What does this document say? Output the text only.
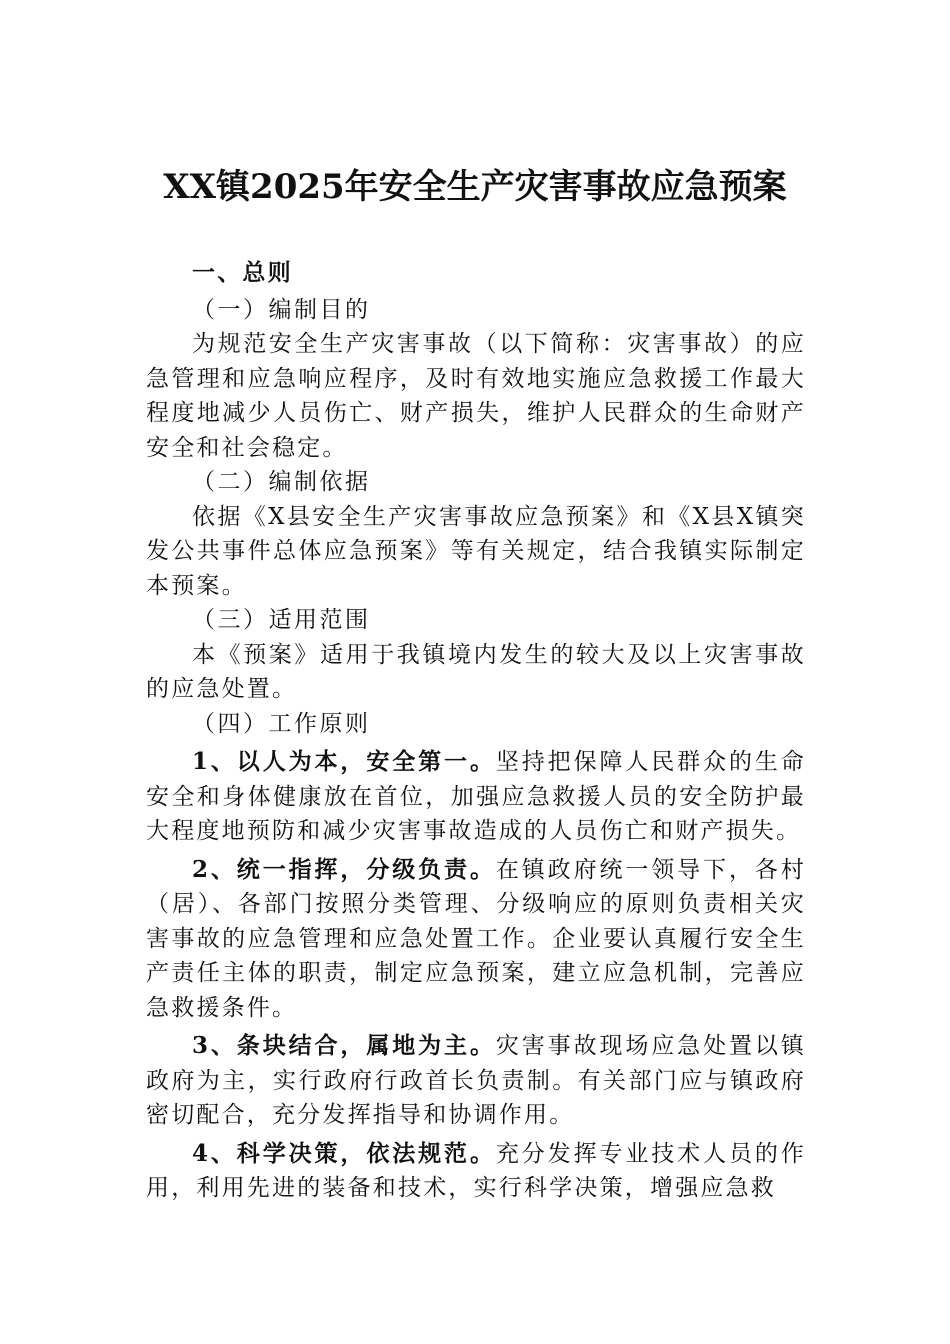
XX镇2025年安全生产灾害事故应急预案

一、总则

（一）编制目的

为规范安全生产灾害事故（以下简称：灾害事故）的应急管理和应急响应程序，及时有效地实施应急救援工作最大程度地减少人员伤亡、财产损失，维护人民群众的生命财产安全和社会稳定。

（二）编制依据

依据《X县安全生产灾害事故应急预案》和《X县X镇突发公共事件总体应急预案》等有关规定，结合我镇实际制定本预案。

（三）适用范围

本《预案》适用于我镇境内发生的较大及以上灾害事故的应急处置。

（四）工作原则

1、以人为本，安全第一。坚持把保障人民群众的生命安全和身体健康放在首位，加强应急救援人员的安全防护最大程度地预防和减少灾害事故造成的人员伤亡和财产损失。

2、统一指挥，分级负责。在镇政府统一领导下，各村（居）、各部门按照分类管理、分级响应的原则负责相关灾害事故的应急管理和应急处置工作。企业要认真履行安全生产责任主体的职责，制定应急预案，建立应急机制，完善应急救援条件。

3、条块结合，属地为主。灾害事故现场应急处置以镇政府为主，实行政府行政首长负责制。有关部门应与镇政府密切配合，充分发挥指导和协调作用。

4、科学决策，依法规范。充分发挥专业技术人员的作用，利用先进的装备和技术，实行科学决策，增强应急救
